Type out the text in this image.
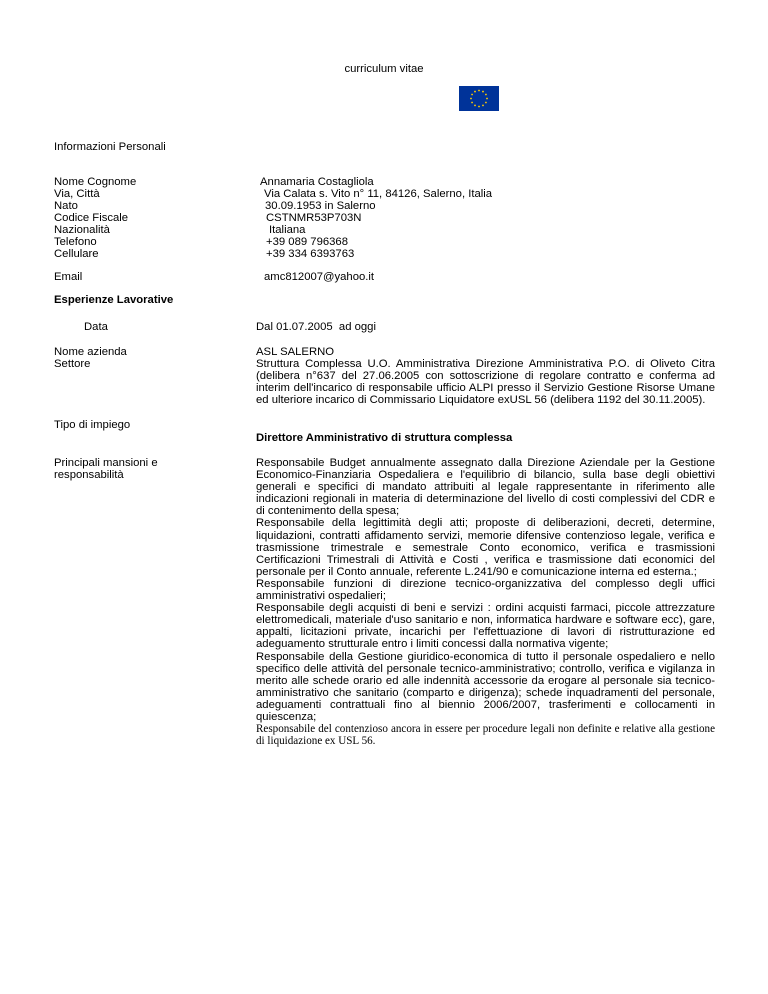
curriculum vitae
Informazioni Personali
Nome Cognome
Via, Città
Nato
Codice Fiscale
Nazionalità
Telefono
Cellulare
Annamaria Costagliola
Via Calata s. Vito n° 11, 84126, Salerno, Italia
30.09.1953 in Salerno
CSTNMR53P703N
Italiana
+39 089 796368
+39 334 6393763
Email	amc812007@yahoo.it
Esperienze Lavorative
Data	Dal 01.07.2005  ad oggi
Nome azienda
Settore
ASL SALERNO
Struttura Complessa U.O. Amministrativa Direzione Amministrativa P.O. di Oliveto Citra (delibera n°637 del 27.06.2005 con sottoscrizione di regolare contratto e conferma ad interim dell'incarico di responsabile ufficio ALPI presso il Servizio Gestione Risorse Umane ed ulteriore incarico di Commissario Liquidatore exUSL 56 (delibera 1192 del 30.11.2005).
Tipo di impiego
Direttore Amministrativo di struttura complessa
Principali mansioni e
responsabilità

Responsabile Budget annualmente assegnato dalla Direzione Aziendale per la Gestione Economico-Finanziaria Ospedaliera e l'equilibrio di bilancio, sulla base degli obiettivi generali e specifici di mandato attribuiti al legale rappresentante in riferimento alle indicazioni regionali in materia di determinazione del livello di costi complessivi del CDR e di contenimento della spesa;

Responsabile della legittimità degli atti; proposte di deliberazioni, decreti, determine, liquidazioni, contratti affidamento servizi, memorie difensive contenzioso legale, verifica e trasmissione trimestrale e semestrale Conto economico, verifica e trasmissioni Certificazioni Trimestrali di Attività e Costi , verifica e trasmissione dati economici del personale per il Conto annuale, referente L.241/90 e comunicazione interna ed esterna.;

Responsabile funzioni di direzione tecnico-organizzativa del complesso degli uffici amministrativi ospedalieri;

Responsabile degli acquisti di beni e servizi : ordini acquisti farmaci, piccole attrezzature elettromedicali, materiale d'uso sanitario e non, informatica hardware e software ecc), gare, appalti, licitazioni private, incarichi per l'effettuazione di lavori di ristrutturazione ed adeguamento strutturale entro i limiti concessi dalla normativa vigente;

Responsabile della Gestione giuridico-economica di tutto il personale ospedaliero e nello specifico delle attività del personale tecnico-amministrativo; controllo, verifica e vigilanza in merito alle schede orario ed alle indennità accessorie da erogare al personale sia tecnico-amministrativo che sanitario (comparto e dirigenza); schede inquadramenti del personale, adeguamenti contrattuali fino al biennio 2006/2007, trasferimenti e collocamenti in quiescenza;

Responsabile del contenzioso ancora in essere per procedure legali non definite e relative alla gestione di liquidazione ex USL 56.
